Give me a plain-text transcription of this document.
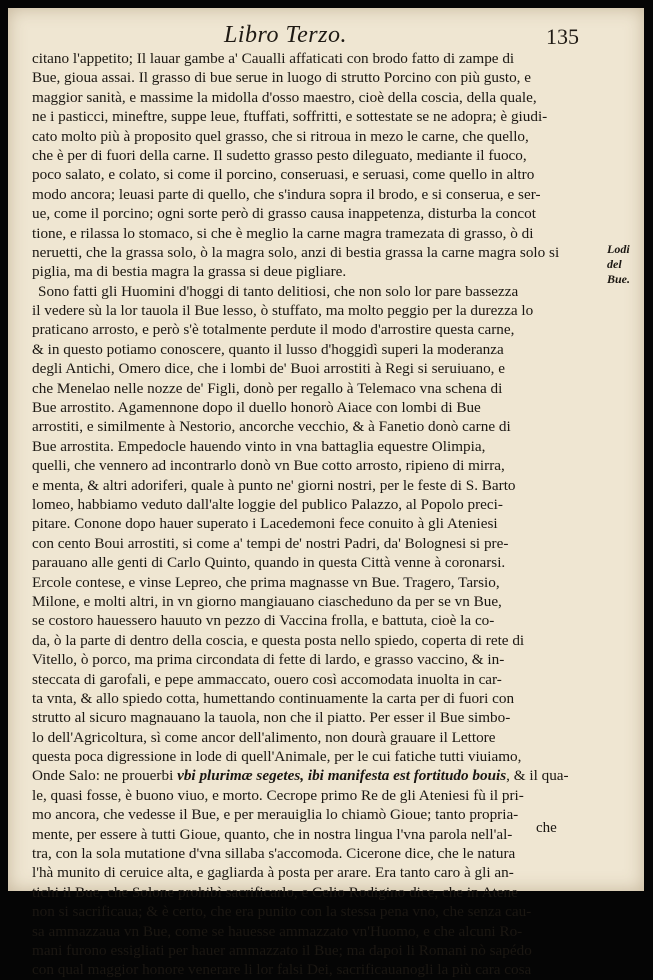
Libro Terzo.	135
citano l'appetito; Il lauar gambe a' Caualli affaticati con brodo fatto di zampe di
Bue, gioua assai. Il grasso di bue serue in luogo di strutto Porcino con più gusto, e
maggior sanità, e massime la midolla d'osso maestro, cioè della coscia, della quale,
ne i pasticci, mineftre, suppe leue, ftuffati, soffritti, e sottestate se ne adopra; è giudi-
cato molto più à proposito quel grasso, che si ritroua in mezo le carne, che quello,
che è per di fuori della carne. Il sudetto grasso pesto dileguato, mediante il fuoco,
poco salato, e colato, si come il porcino, conseruasi, e seruasi, come quello in altro
modo ancora; leuasi parte di quello, che s'indura sopra il brodo, e si conserua, e ser-
ue, come il porcino; ogni sorte però di grasso causa inappetenza, disturba la concot
tione, e rilassa lo stomaco, si che è meglio la carne magra tramezata di grasso, ò di
neruetti, che la grassa solo, ò la magra solo, anzi di bestia grassa la carne magra solo si
piglia, ma di bestia magra la grassa si deue pigliare.
Sono fatti gli Huomini d'hoggi di tanto delitiosi, che non solo lor pare bassezza
il vedere sù la lor tauola il Bue lesso, ò stuffato, ma molto peggio per la durezza lo
praticano arrosto, e però s'è totalmente perdute il modo d'arrostire questa carne,
& in questo potiamo conoscere, quanto il lusso d'hoggidì superi la moderanza
degli Antichi, Omero dice, che i lombi de' Buoi arrostiti à Regi si seruiuano, e
che Menelao nelle nozze de' Figli, donò per regallo à Telemaco vna schena di
Bue arrostito. Agamennone dopo il duello honorò Aiace con lombi di Bue
arrostiti, e similmente à Nestorio, ancorche vecchio, & à Fanetio donò carne di
Bue arrostita. Empedocle hauendo vinto in vna battaglia equestre Olimpia,
quelli, che vennero ad incontrarlo donò vn Bue cotto arrosto, ripieno di mirra,
e menta, & altri adoriferi, quale à punto ne' giorni nostri, per le feste di S. Barto
lomeo, habbiamo veduto dall'alte loggie del publico Palazzo, al Popolo preci-
pitare. Conone dopo hauer superato i Lacedemoni fece conuito à gli Ateniesi
con cento Boui arrostiti, si come a' tempi de' nostri Padri, da' Bolognesi si pre-
parauano alle genti di Carlo Quinto, quando in questa Città venne à coronarsi.
Ercole contese, e vinse Lepreo, che prima magnasse vn Bue. Tragero, Tarsio,
Milone, e molti altri, in vn giorno mangiauano ciascheduno da per se vn Bue,
se costoro hauessero hauuto vn pezzo di Vaccina frolla, e battuta, cioè la co-
da, ò la parte di dentro della coscia, e questa posta nello spiedo, coperta di rete di
Vitello, ò porco, ma prima circondata di fette di lardo, e grasso vaccino, & in-
steccata di garofali, e pepe ammaccato, ouero così accomodata inuolta in car-
ta vnta, & allo spiedo cotta, humettando continuamente la carta per di fuori con
strutto al sicuro magnauano la tauola, non che il piatto. Per esser il Bue simbo-
lo dell'Agricoltura, sì come ancor dell'alimento, non dourà grauare il Lettore
questa poca digressione in lode di quell'Animale, per le cui fatiche tutti viuiamo,
Onde Salo: ne prouerbi vbi plurimæ segetes, ibi manifesta est fortitudo bouis, & il qua-
le, quasi fosse, è buono viuo, e morto. Cecrope primo Re de gli Ateniesi fù il pri-
mo ancora, che vedesse il Bue, e per merauiglia lo chiamò Gioue; tanto propria-
mente, per essere à tutti Gioue, quanto, che in nostra lingua l'vna parola nell'al-
tra, con la sola mutatione d'vna sillaba s'accomoda. Cicerone dice, che le natura
l'hà munito di ceruice alta, e gagliarda à posta per arare. Era tanto caro à gli an-
tichi il Bue, che Solone prohibì sacrificarlo, e Celio Rodigino dice, che in Atene
non si sacrificaua; & è certo, che era punito con la stessa pena vno, che senza cau-
sa ammazzaua vn Bue, come se hauesse ammazzato vn'Huomo, e che alcuni Ro-
mani furono essigliati per hauer ammazzato il Bue; ma dapoi li Romani nò sapédo
con qual maggior honore venerare li lor falsi Dei, sacrificauanogli la più cara cosa
Lodi
del Bue.
che
